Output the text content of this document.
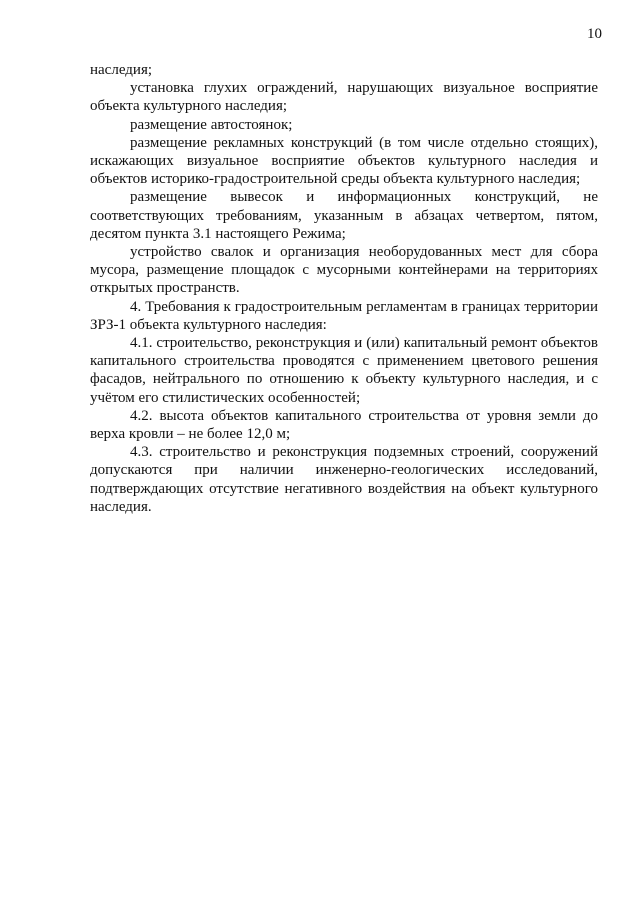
10

наследия;

установка глухих ограждений, нарушающих визуальное восприятие объекта культурного наследия;

размещение автостоянок;

размещение рекламных конструкций (в том числе отдельно стоящих), искажающих визуальное восприятие объектов культурного наследия и объектов историко-градостроительной среды объекта культурного наследия;

размещение вывесок и информационных конструкций, не соответствующих требованиям, указанным в абзацах четвертом, пятом, десятом пункта 3.1 настоящего Режима;

устройство свалок и организация необорудованных мест для сбора мусора, размещение площадок с мусорными контейнерами на территориях открытых пространств.

4. Требования к градостроительным регламентам в границах территории ЗРЗ-1 объекта культурного наследия:

4.1. строительство, реконструкция и (или) капитальный ремонт объектов капитального строительства проводятся с применением цветового решения фасадов, нейтрального по отношению к объекту культурного наследия, и с учётом его стилистических особенностей;

4.2. высота объектов капитального строительства от уровня земли до верха кровли – не более 12,0 м;

4.3. строительство и реконструкция подземных строений, сооружений допускаются при наличии инженерно-геологических исследований, подтверждающих отсутствие негативного воздействия на объект культурного наследия.
